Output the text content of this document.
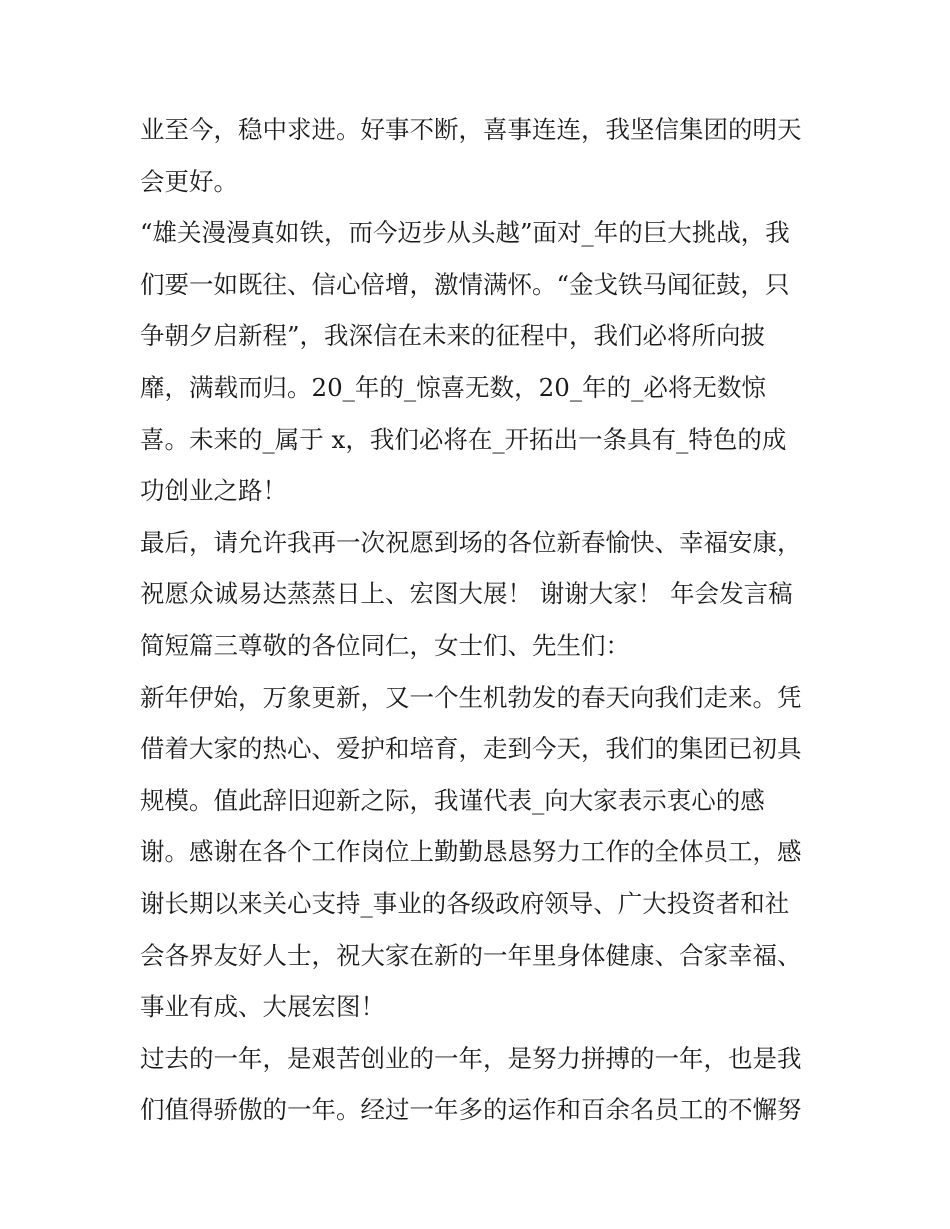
业至今，稳中求进。好事不断，喜事连连，我坚信集团的明天
会更好。
“雄关漫漫真如铁，而今迈步从头越”面对_年的巨大挑战，我
们要一如既往、信心倍增，激情满怀。“金戈铁马闻征鼓，只
争朝夕启新程”，我深信在未来的征程中，我们必将所向披
靡，满载而归。20_年的_惊喜无数，20_年的_必将无数惊
喜。未来的_属于 x，我们必将在_开拓出一条具有_特色的成
功创业之路！
最后，请允许我再一次祝愿到场的各位新春愉快、幸福安康，
祝愿众诚易达蒸蒸日上、宏图大展！ 谢谢大家！ 年会发言稿
简短篇三尊敬的各位同仁，女士们、先生们：
新年伊始，万象更新，又一个生机勃发的春天向我们走来。凭
借着大家的热心、爱护和培育，走到今天，我们的集团已初具
规模。值此辞旧迎新之际，我谨代表_向大家表示衷心的感
谢。感谢在各个工作岗位上勤勤恳恳努力工作的全体员工，感
谢长期以来关心支持_事业的各级政府领导、广大投资者和社
会各界友好人士，祝大家在新的一年里身体健康、合家幸福、
事业有成、大展宏图！
过去的一年，是艰苦创业的一年，是努力拼搏的一年，也是我
们值得骄傲的一年。经过一年多的运作和百余名员工的不懈努
